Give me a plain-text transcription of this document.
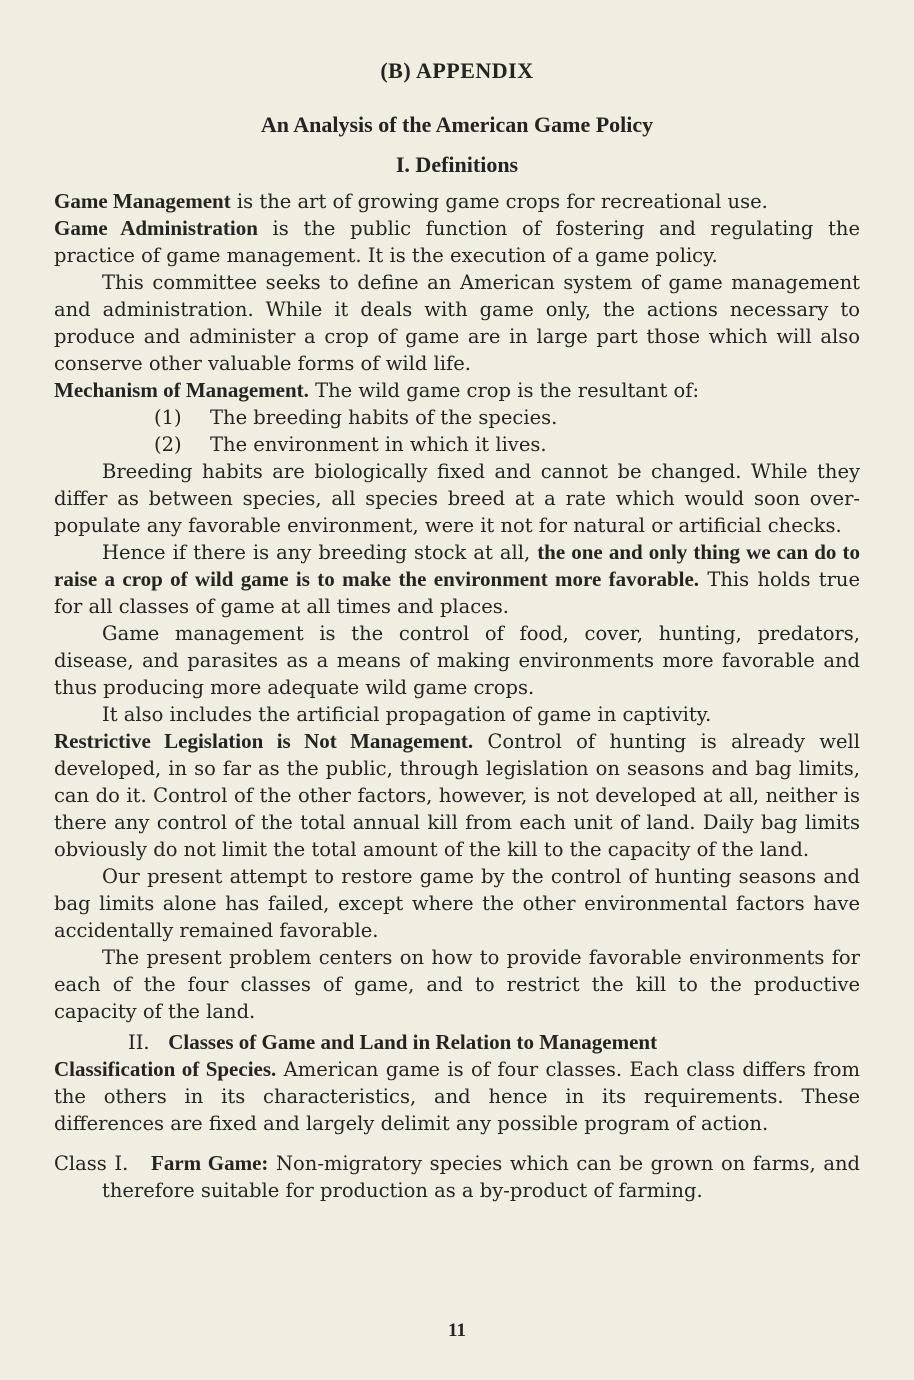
(B) APPENDIX
An Analysis of the American Game Policy
I. Definitions

Game Management is the art of growing game crops for recreational use.

Game Administration is the public function of fostering and regulating the practice of game management. It is the execution of a game policy.

This committee seeks to define an American system of game management and administration. While it deals with game only, the actions necessary to produce and administer a crop of game are in large part those which will also conserve other valuable forms of wild life.

Mechanism of Management. The wild game crop is the resultant of:

(1) The breeding habits of the species.

(2) The environment in which it lives.

Breeding habits are biologically fixed and cannot be changed. While they differ as between species, all species breed at a rate which would soon over-populate any favorable environment, were it not for natural or artificial checks.

Hence if there is any breeding stock at all, the one and only thing we can do to raise a crop of wild game is to make the environment more favorable. This holds true for all classes of game at all times and places.

Game management is the control of food, cover, hunting, predators, disease, and parasites as a means of making environments more favorable and thus producing more adequate wild game crops.

It also includes the artificial propagation of game in captivity.

Restrictive Legislation is Not Management. Control of hunting is already well developed, in so far as the public, through legislation on seasons and bag limits, can do it. Control of the other factors, however, is not developed at all, neither is there any control of the total annual kill from each unit of land. Daily bag limits obviously do not limit the total amount of the kill to the capacity of the land.

Our present attempt to restore game by the control of hunting seasons and bag limits alone has failed, except where the other environmental factors have accidentally remained favorable.

The present problem centers on how to provide favorable environments for each of the four classes of game, and to restrict the kill to the productive capacity of the land.

II. Classes of Game and Land in Relation to Management

Classification of Species. American game is of four classes. Each class differs from the others in its characteristics, and hence in its requirements. These differences are fixed and largely delimit any possible program of action.

Class I. Farm Game: Non-migratory species which can be grown on farms, and therefore suitable for production as a by-product of farming.

11
